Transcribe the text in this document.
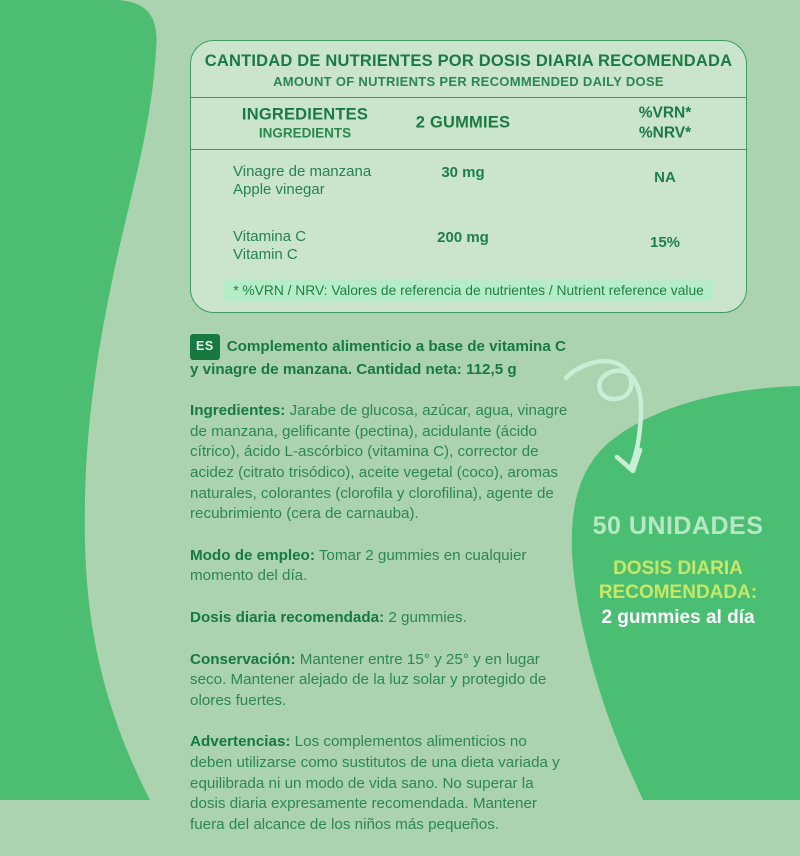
CANTIDAD DE NUTRIENTES POR DOSIS DIARIA RECOMENDADA
AMOUNT OF NUTRIENTS PER RECOMMENDED DAILY DOSE
INGREDIENTES
INGREDIENTS
2 GUMMIES
%VRN*
%NRV*
Vinagre de manzana
Apple vinegar
30 mg	NA
Vitamina C
Vitamin C
200 mg	15%
* %VRN / NRV: Valores de referencia de nutrientes / Nutrient reference value

ES Complemento alimenticio a base de vitamina C y vinagre de manzana. Cantidad neta: 112,5 g

Ingredientes: Jarabe de glucosa, azúcar, agua, vinagre de manzana, gelificante (pectina), acidulante (ácido cítrico), ácido L-ascórbico (vitamina C), corrector de acidez (citrato trisódico), aceite vegetal (coco), aromas naturales, colorantes (clorofila y clorofilina), agente de recubrimiento (cera de carnauba).

Modo de empleo: Tomar 2 gummies en cualquier momento del día.

Dosis diaria recomendada: 2 gummies.

Conservación: Mantener entre 15° y 25° y en lugar seco. Mantener alejado de la luz solar y protegido de olores fuertes.

Advertencias: Los complementos alimenticios no deben utilizarse como sustitutos de una dieta variada y equilibrada ni un modo de vida sano. No superar la dosis diaria expresamente recomendada. Mantener fuera del alcance de los niños más pequeños.

50 UNIDADES
DOSIS DIARIA RECOMENDADA:
2 gummies al día
